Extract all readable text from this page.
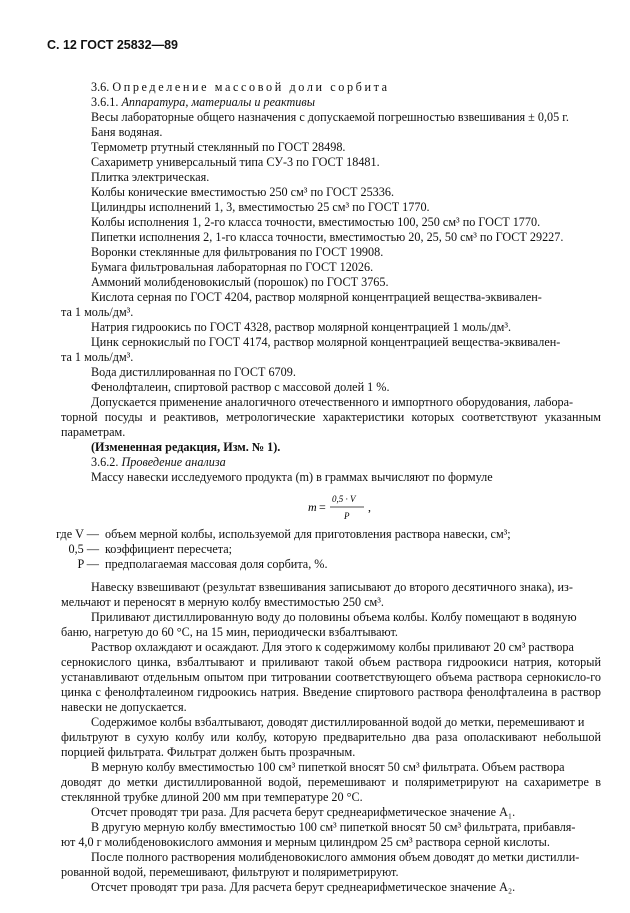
С. 12 ГОСТ 25832—89

3.6. Определение массовой доли сорбита

3.6.1. Аппаратура, материалы и реактивы

Весы лабораторные общего назначения с допускаемой погрешностью взвешивания ± 0,05 г.

Баня водяная.

Термометр ртутный стеклянный по ГОСТ 28498.

Сахариметр универсальный типа СУ-3 по ГОСТ 18481.

Плитка электрическая.

Колбы конические вместимостью 250 см³ по ГОСТ 25336.

Цилиндры исполнений 1, 3, вместимостью 25 см³ по ГОСТ 1770.

Колбы исполнения 1, 2-го класса точности, вместимостью 100, 250 см³ по ГОСТ 1770.

Пипетки исполнения 2, 1-го класса точности, вместимостью 20, 25, 50 см³ по ГОСТ 29227.

Воронки стеклянные для фильтрования по ГОСТ 19908.

Бумага фильтровальная лабораторная по ГОСТ 12026.

Аммоний молибденовокислый (порошок) по ГОСТ 3765.

Кислота серная по ГОСТ 4204, раствор молярной концентрацией вещества-эквивален-

та 1 моль/дм³.

Натрия гидроокись по ГОСТ 4328, раствор молярной концентрацией 1 моль/дм³.

Цинк сернокислый по ГОСТ 4174, раствор молярной концентрацией вещества-эквивален-

та 1 моль/дм³.

Вода дистиллированная по ГОСТ 6709.

Фенолфталеин, спиртовой раствор с массовой долей 1 %.

Допускается применение аналогичного отечественного и импортного оборудования, лабора-

торной посуды и реактивов, метрологические характеристики которых соответствуют указанным параметрам.

(Измененная редакция, Изм. № 1).

3.6.2. Проведение анализа

Массу навески исследуемого продукта (m) в граммах вычисляют по формуле

m =
0,5 · V
P
,
где V — объем мерной колбы, используемой для приготовления раствора навески, см³;
0,5 — коэффициент пересчета;
P — предполагаемая массовая доля сорбита, %.

Навеску взвешивают (результат взвешивания записывают до второго десятичного знака), из-

мельчают и переносят в мерную колбу вместимостью 250 см³.

Приливают дистиллированную воду до половины объема колбы. Колбу помещают в водяную

баню, нагретую до 60 °С, на 15 мин, периодически взбалтывают.

Раствор охлаждают и осаждают. Для этого к содержимому колбы приливают 20 см³ раствора

сернокислого цинка, взбалтывают и приливают такой объем раствора гидроокиси натрия, который устанавливают отдельным опытом при титровании соответствующего объема раствора сернокисло-го цинка с фенолфталеином гидроокись натрия. Введение спиртового раствора фенолфталеина в раствор навески не допускается.

Содержимое колбы взбалтывают, доводят дистиллированной водой до метки, перемешивают и

фильтруют в сухую колбу или колбу, которую предварительно два раза ополаскивают небольшой порцией фильтрата. Фильтрат должен быть прозрачным.

В мерную колбу вместимостью 100 см³ пипеткой вносят 50 см³ фильтрата. Объем раствора

доводят до метки дистиллированной водой, перемешивают и поляриметрируют на сахариметре в стеклянной трубке длиной 200 мм при температуре 20 °С.

Отсчет проводят три раза. Для расчета берут среднеарифметическое значение A₁.

В другую мерную колбу вместимостью 100 см³ пипеткой вносят 50 см³ фильтрата, прибавля-

ют 4,0 г молибденовокислого аммония и мерным цилиндром 25 см³ раствора серной кислоты.

После полного растворения молибденовокислого аммония объем доводят до метки дистилли-

рованной водой, перемешивают, фильтруют и поляриметрируют.

Отсчет проводят три раза. Для расчета берут среднеарифметическое значение A₂.
